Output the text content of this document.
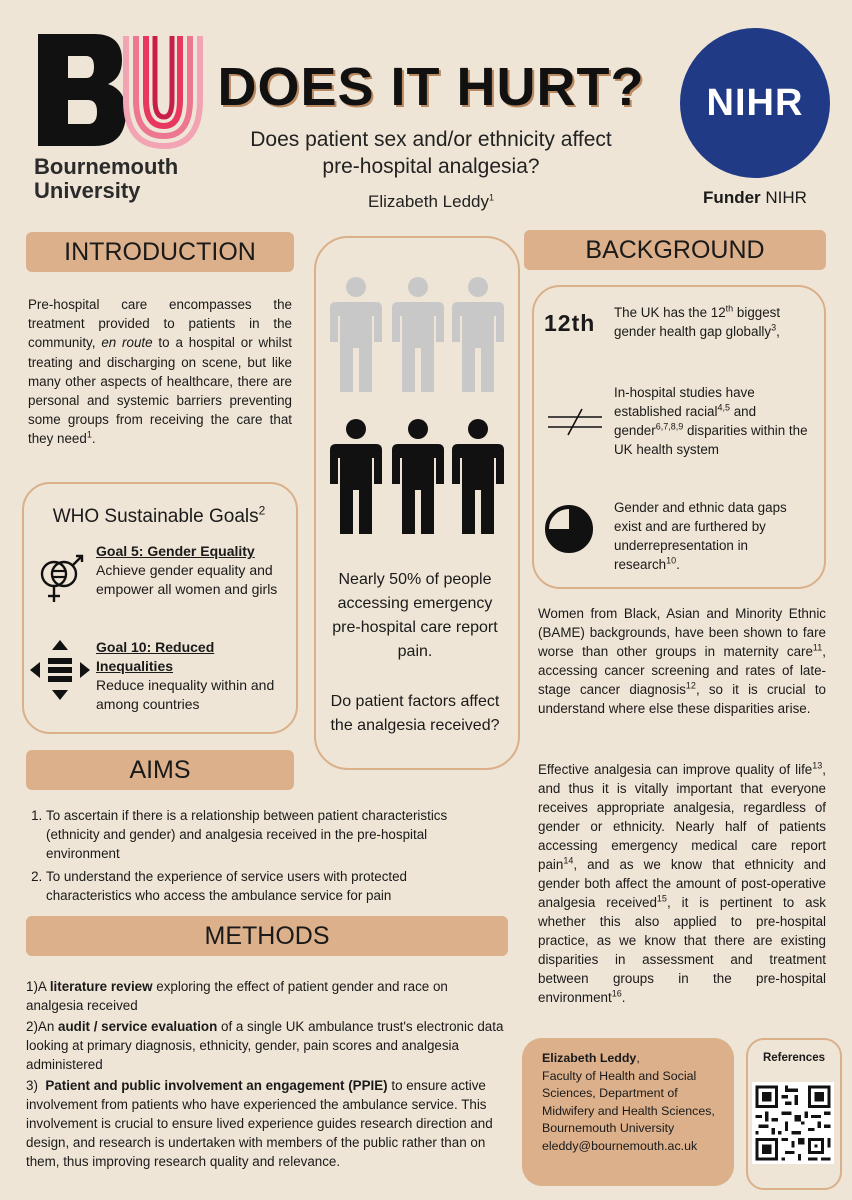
Bournemouth
University
DOES IT HURT?
Does patient sex and/or ethnicity affect
pre-hospital analgesia?
Elizabeth Leddy$^1$
NIHR
Funder NIHR
INTRODUCTION
Pre-hospital care encompasses the treatment provided to patients in the community, en route to a hospital or whilst treating and discharging on scene, but like many other aspects of healthcare, there are personal and systemic barriers preventing some groups from receiving the care that they need$^1$.
WHO Sustainable Goals$^2$
Goal 5: Gender Equality
Achieve gender equality and empower all women and girls
Goal 10: Reduced
Inequalities
Reduce inequality within and among countries
Nearly 50% of people accessing emergency pre-hospital care report pain.
Do patient factors affect the analgesia received?
BACKGROUND
12th The UK has the 12th biggest gender health gap globally$^3$,
In-hospital studies have established racial$^{4,5}$ and gender$^{6,7,8,9}$ disparities within the UK health system
Gender and ethnic data gaps exist and are furthered by underrepresentation in research$^{10}$.
Women from Black, Asian and Minority Ethnic (BAME) backgrounds, have been shown to fare worse than other groups in maternity care$^{11}$, accessing cancer screening and rates of late-stage cancer diagnosis$^{12}$, so it is crucial to understand where else these disparities arise.
Effective analgesia can improve quality of life$^{13}$, and thus it is vitally important that everyone receives appropriate analgesia, regardless of gender or ethnicity. Nearly half of patients accessing emergency medical care report pain$^{14}$, and as we know that ethnicity and gender both affect the amount of post-operative analgesia received$^{15}$, it is pertinent to ask whether this also applied to pre-hospital practice, as we know that there are existing disparities in assessment and treatment between groups in the pre-hospital environment$^{16}$.
AIMS
1. To ascertain if there is a relationship between patient characteristics (ethnicity and gender) and analgesia received in the pre-hospital environment
2. To understand the experience of service users with protected characteristics who access the ambulance service for pain
METHODS
1)A literature review exploring the effect of patient gender and race on analgesia received
2)An audit / service evaluation of a single UK ambulance trust's electronic data looking at primary diagnosis, ethnicity, gender, pain scores and analgesia administered
3)  Patient and public involvement an engagement (PPIE) to ensure active involvement from patients who have experienced the ambulance service. This involvement is crucial to ensure lived experience guides research direction and design, and research is undertaken with members of the public rather than on them, thus improving research quality and relevance.
Elizabeth Leddy,
Faculty of Health and Social Sciences, Department of Midwifery and Health Sciences, Bournemouth University
eleddy@bournemouth.ac.uk
References
